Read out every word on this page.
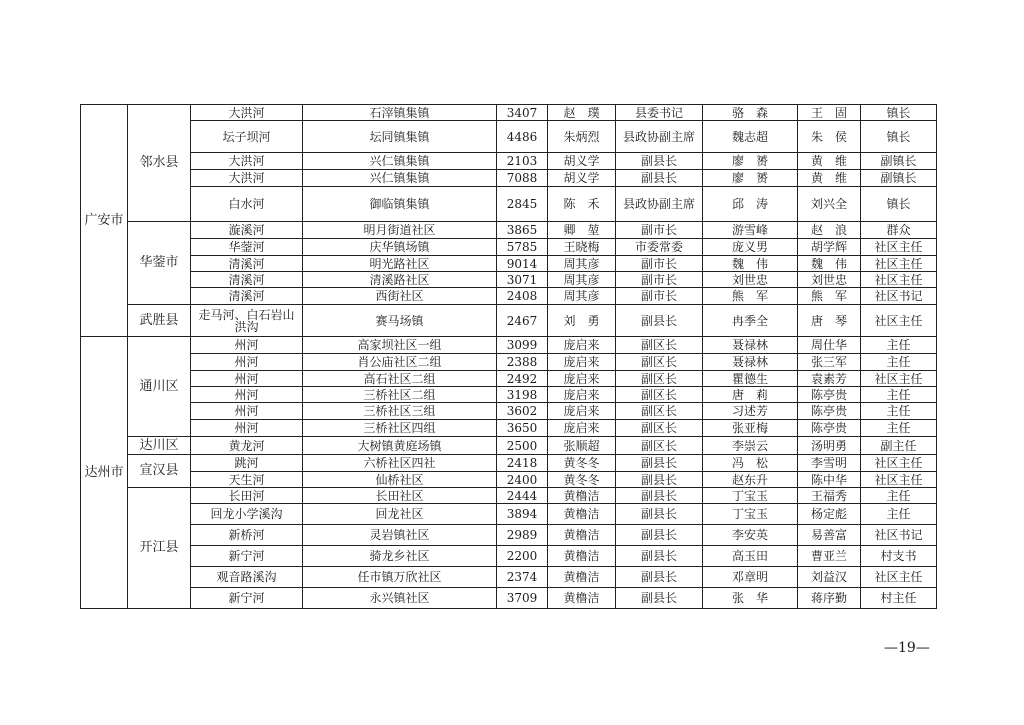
广安市	邻水县	大洪河	石滓镇集镇	3407	赵　璞	县委书记	骆　森	王　固	镇长
		坛子坝河	坛同镇集镇	4486	朱炳烈	县政协副主席	魏志超	朱　侯	镇长
		大洪河	兴仁镇集镇	2103	胡义学	副县长	廖　赟	黄　维	副镇长
		大洪河	兴仁镇集镇	7088	胡义学	副县长	廖　赟	黄　维	副镇长
		白水河	御临镇集镇	2845	陈　禾	县政协副主席	邱　涛	刘兴全	镇长
	华蓥市	漩溪河	明月街道社区	3865	卿　堃	副市长	游雪峰	赵　浪	群众
		华蓥河	庆华镇场镇	5785	王晓梅	市委常委	庞义男	胡学辉	社区主任
		清溪河	明光路社区	9014	周其彦	副市长	魏　伟	魏　伟	社区主任
		清溪河	清溪路社区	3071	周其彦	副市长	刘世忠	刘世忠	社区主任
		清溪河	西街社区	2408	周其彦	副市长	熊　军	熊　军	社区书记
	武胜县	走马河、白石岩山洪沟	赛马场镇	2467	刘　勇	副县长	冉季全	唐　琴	社区主任
达州市	通川区	州河	高家坝社区一组	3099	庞启来	副区长	聂禄林	周仕华	主任
		州河	肖公庙社区二组	2388	庞启来	副区长	聂禄林	张三军	主任
		州河	高石社区二组	2492	庞启来	副区长	瞿德生	袁素芳	社区主任
		州河	三桥社区二组	3198	庞启来	副区长	唐　莉	陈亭贵	主任
		州河	三桥社区三组	3602	庞启来	副区长	习述芳	陈亭贵	主任
		州河	三桥社区四组	3650	庞启来	副区长	张亚梅	陈亭贵	主任
	达川区	黄龙河	大树镇黄庭场镇	2500	张顺超	副区长	李崇云	汤明勇	副主任
	宣汉县	跳河	六桥社区四社	2418	黄冬冬	副县长	冯　松	李雪明	社区主任
		天生河	仙桥社区	2400	黄冬冬	副县长	赵东升	陈中华	社区主任
	开江县	长田河	长田社区	2444	黄橹洁	副县长	丁宝玉	王福秀	主任
		回龙小学溪沟	回龙社区	3894	黄橹洁	副县长	丁宝玉	杨定彪	主任
		新桥河	灵岩镇社区	2989	黄橹洁	副县长	李安英	易善富	社区书记
		新宁河	骑龙乡社区	2200	黄橹洁	副县长	高玉田	曹亚兰	村支书
		观音路溪沟	任市镇万欣社区	2374	黄橹洁	副县长	邓章明	刘益汉	社区主任
		新宁河	永兴镇社区	3709	黄橹洁	副县长	张　华	蒋序勤	村主任
—19—
